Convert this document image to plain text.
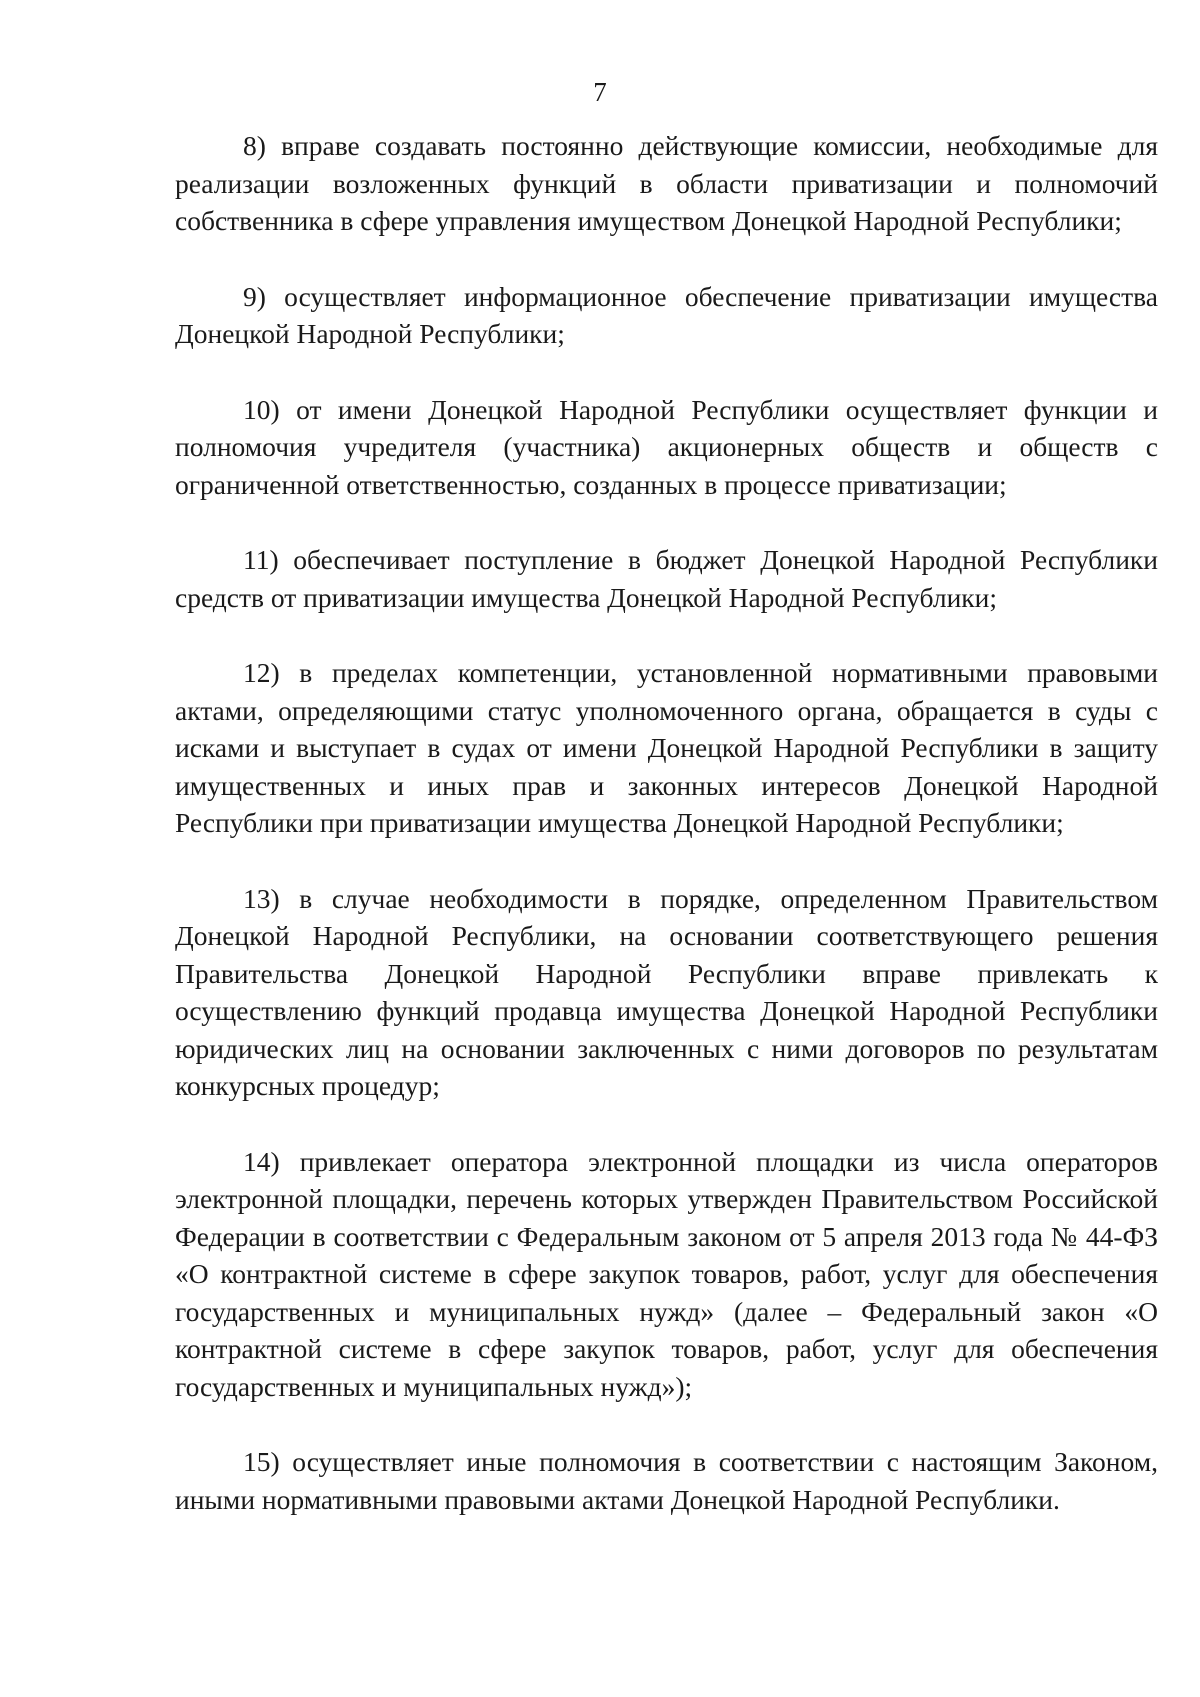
7

8) вправе создавать постоянно действующие комиссии, необходимые для реализации возложенных функций в области приватизации и полномочий собственника в сфере управления имуществом Донецкой Народной Республики;

9) осуществляет информационное обеспечение приватизации имущества Донецкой Народной Республики;

10) от имени Донецкой Народной Республики осуществляет функции и полномочия учредителя (участника) акционерных обществ и обществ с ограниченной ответственностью, созданных в процессе приватизации;

11) обеспечивает поступление в бюджет Донецкой Народной Республики средств от приватизации имущества Донецкой Народной Республики;

12) в пределах компетенции, установленной нормативными правовыми актами, определяющими статус уполномоченного органа, обращается в суды с исками и выступает в судах от имени Донецкой Народной Республики в защиту имущественных и иных прав и законных интересов Донецкой Народной Республики при приватизации имущества Донецкой Народной Республики;

13) в случае необходимости в порядке, определенном Правительством Донецкой Народной Республики, на основании соответствующего решения Правительства Донецкой Народной Республики вправе привлекать к осуществлению функций продавца имущества Донецкой Народной Республики юридических лиц на основании заключенных с ними договоров по результатам конкурсных процедур;

14) привлекает оператора электронной площадки из числа операторов электронной площадки, перечень которых утвержден Правительством Российской Федерации в соответствии с Федеральным законом от 5 апреля 2013 года № 44-ФЗ «О контрактной системе в сфере закупок товаров, работ, услуг для обеспечения государственных и муниципальных нужд» (далее – Федеральный закон «О контрактной системе в сфере закупок товаров, работ, услуг для обеспечения государственных и муниципальных нужд»);

15) осуществляет иные полномочия в соответствии с настоящим Законом, иными нормативными правовыми актами Донецкой Народной Республики.
